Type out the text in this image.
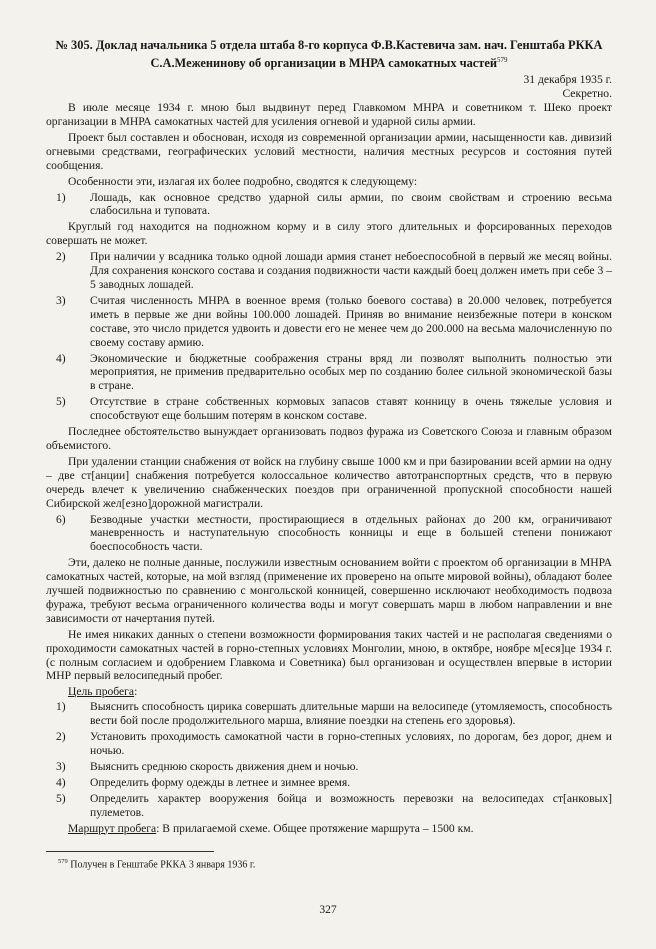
№ 305. Доклад начальника 5 отдела штаба 8-го корпуса Ф.В.Кастевича зам. нач. Генштаба РККА
С.А.Меженинову об организации в МНРА самокатных частей$^{579}$
31 декабря 1935 г.
Секретно.

В июле месяце 1934 г. мною был выдвинут перед Главкомом МНРА и советником т. Шеко проект организации в МНРА самокатных частей для усиления огневой и ударной силы армии.

Проект был составлен и обоснован, исходя из современной организации армии, насыщенности кав. дивизий огневыми средствами, географических условий местности, наличия местных ресурсов и состояния путей сообщения.

Особенности эти, излагая их более подробно, сводятся к следующему:

1)	Лошадь, как основное средство ударной силы армии, по своим свойствам и строению весьма слабосильна и туповата.

Круглый год находится на подножном корму и в силу этого длительных и форсированных переходов совершать не может.

2)	При наличии у всадника только одной лошади армия станет небоеспособной в первый же месяц войны. Для сохранения конского состава и создания подвижности части каждый боец должен иметь при себе 3 – 5 заводных лошадей.
3)	Считая численность МНРА в военное время (только боевого состава) в 20.000 человек, потребуется иметь в первые же дни войны 100.000 лошадей. Приняв во внимание неизбежные потери в конском составе, это число придется удвоить и довести его не менее чем до 200.000 на весьма малочисленную по своему составу армию.
4)	Экономические и бюджетные соображения страны вряд ли позволят выполнить полностью эти мероприятия, не применив предварительно особых мер по созданию более сильной экономической базы в стране.
5)	Отсутствие в стране собственных кормовых запасов ставят конницу в очень тяжелые условия и способствуют еще большим потерям в конском составе.

Последнее обстоятельство вынуждает организовать подвоз фуража из Советского Союза и главным образом объемистого.

При удалении станции снабжения от войск на глубину свыше 1000 км и при базировании всей армии на одну – две ст[анции] снабжения потребуется колоссальное количество автотранспортных средств, что в первую очередь влечет к увеличению снабженческих поездов при ограниченной пропускной способности нашей Сибирской жел[езно]дорожной магистрали.

6)	Безводные участки местности, простирающиеся в отдельных районах до 200 км, ограничивают маневренность и наступательную способность конницы и еще в большей степени понижают боеспособность части.

Эти, далеко не полные данные, послужили известным основанием войти с проектом об организации в МНРА самокатных частей, которые, на мой взгляд (применение их проверено на опыте мировой войны), обладают более лучшей подвижностью по сравнению с монгольской конницей, совершенно исключают необходимость подвоза фуража, требуют весьма ограниченного количества воды и могут совершать марш в любом направлении и вне зависимости от начертания путей.

Не имея никаких данных о степени возможности формирования таких частей и не располагая сведениями о проходимости самокатных частей в горно-степных условиях Монголии, мною, в октябре, ноябре м[еся]це 1934 г. (с полным согласием и одобрением Главкома и Советника) был организован и осуществлен впервые в истории МНР первый велосипедный пробег.

Цель пробега:

1)	Выяснить способность цирика совершать длительные марши на велосипеде (утомляемость, способность вести бой после продолжительного марша, влияние поездки на степень его здоровья).
2)	Установить проходимость самокатной части в горно-степных условиях, по дорогам, без дорог, днем и ночью.
3)	Выяснить среднюю скорость движения днем и ночью.
4)	Определить форму одежды в летнее и зимнее время.
5)	Определить характер вооружения бойца и возможность перевозки на велосипедах ст[анковых] пулеметов.

Маршрут пробега: В прилагаемой схеме. Общее протяжение маршрута – 1500 км.

$^{579}$ Получен в Генштабе РККА 3 января 1936 г.
327
